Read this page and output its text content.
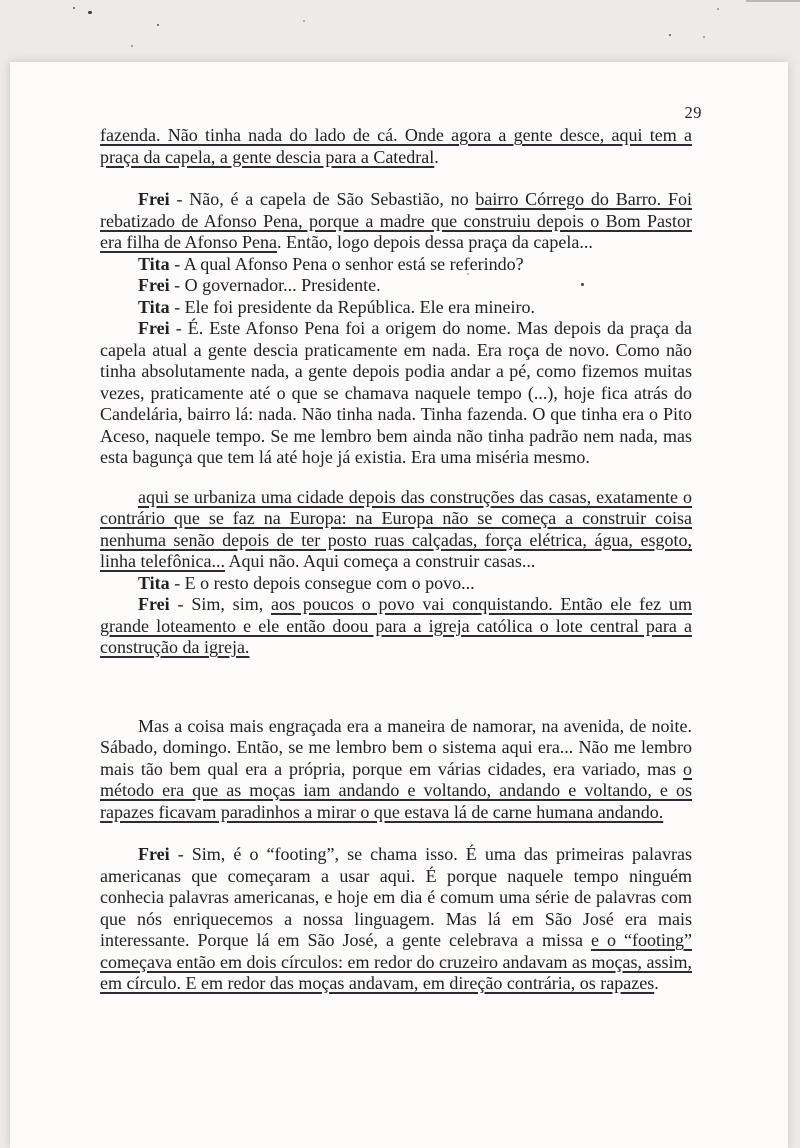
29

fazenda. Não tinha nada do lado de cá. Onde agora a gente desce, aqui tem a praça da capela, a gente descia para a Catedral.

Frei - Não, é a capela de São Sebastião, no bairro Córrego do Barro. Foi rebatizado de Afonso Pena, porque a madre que construiu depois o Bom Pastor era filha de Afonso Pena. Então, logo depois dessa praça da capela...

Tita - A qual Afonso Pena o senhor está se referindo?

Frei - O governador... Presidente.

Tita - Ele foi presidente da República. Ele era mineiro.

Frei - É. Este Afonso Pena foi a origem do nome. Mas depois da praça da capela atual a gente descia praticamente em nada. Era roça de novo. Como não tinha absolutamente nada, a gente depois podia andar a pé, como fizemos muitas vezes, praticamente até o que se chamava naquele tempo (...), hoje fica atrás do Candelária, bairro lá: nada. Não tinha nada. Tinha fazenda. O que tinha era o Pito Aceso, naquele tempo. Se me lembro bem ainda não tinha padrão nem nada, mas esta bagunça que tem lá até hoje já existia. Era uma miséria mesmo.

aqui se urbaniza uma cidade depois das construções das casas, exatamente o contrário que se faz na Europa: na Europa não se começa a construir coisa nenhuma senão depois de ter posto ruas calçadas, força elétrica, água, esgoto, linha telefônica... Aqui não. Aqui começa a construir casas...

Tita - E o resto depois consegue com o povo...

Frei - Sim, sim, aos poucos o povo vai conquistando. Então ele fez um grande loteamento e ele então doou para a igreja católica o lote central para a construção da igreja.

Mas a coisa mais engraçada era a maneira de namorar, na avenida, de noite. Sábado, domingo. Então, se me lembro bem o sistema aqui era... Não me lembro mais tão bem qual era a própria, porque em várias cidades, era variado, mas o método era que as moças iam andando e voltando, andando e voltando, e os rapazes ficavam paradinhos a mirar o que estava lá de carne humana andando.

Frei - Sim, é o “footing”, se chama isso. É uma das primeiras palavras americanas que começaram a usar aqui. É porque naquele tempo ninguém conhecia palavras americanas, e hoje em dia é comum uma série de palavras com que nós enriquecemos a nossa linguagem. Mas lá em São José era mais interessante. Porque lá em São José, a gente celebrava a missa e o “footing” começava então em dois círculos: em redor do cruzeiro andavam as moças, assim, em círculo. E em redor das moças andavam, em direção contrária, os rapazes.
